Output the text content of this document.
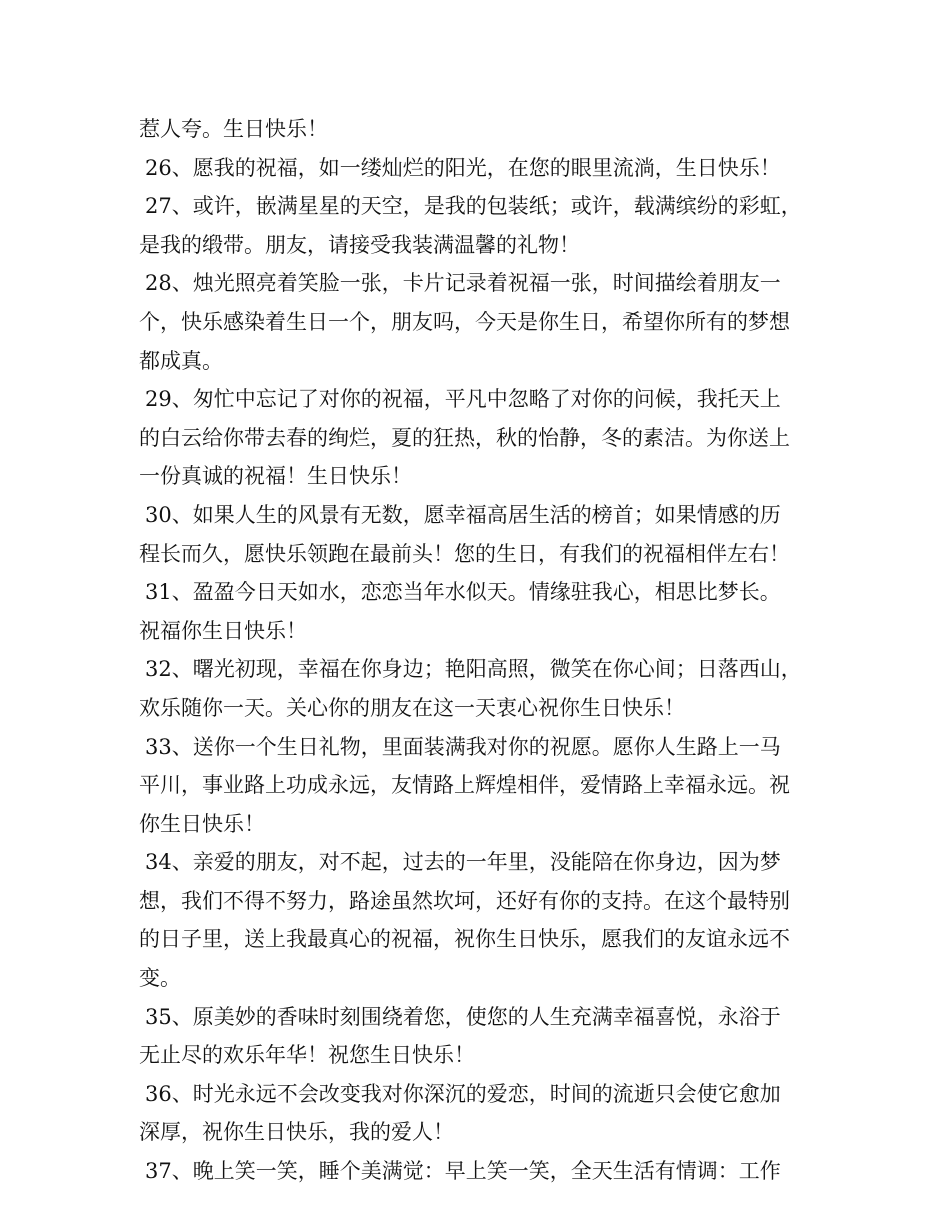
惹人夸。生日快乐！
26、愿我的祝福，如一缕灿烂的阳光，在您的眼里流淌，生日快乐！
27、或许，嵌满星星的天空，是我的包装纸；或许，载满缤纷的彩虹，
是我的缎带。朋友，请接受我装满温馨的礼物！
28、烛光照亮着笑脸一张，卡片记录着祝福一张，时间描绘着朋友一
个，快乐感染着生日一个，朋友吗，今天是你生日，希望你所有的梦想
都成真。
29、匆忙中忘记了对你的祝福，平凡中忽略了对你的问候，我托天上
的白云给你带去春的绚烂，夏的狂热，秋的怡静，冬的素洁。为你送上
一份真诚的祝福！生日快乐！
30、如果人生的风景有无数，愿幸福高居生活的榜首；如果情感的历
程长而久，愿快乐领跑在最前头！您的生日，有我们的祝福相伴左右！
31、盈盈今日天如水，恋恋当年水似天。情缘驻我心，相思比梦长。
祝福你生日快乐！
32、曙光初现，幸福在你身边；艳阳高照，微笑在你心间；日落西山，
欢乐随你一天。关心你的朋友在这一天衷心祝你生日快乐！
33、送你一个生日礼物，里面装满我对你的祝愿。愿你人生路上一马
平川，事业路上功成永远，友情路上辉煌相伴，爱情路上幸福永远。祝
你生日快乐！
34、亲爱的朋友，对不起，过去的一年里，没能陪在你身边，因为梦
想，我们不得不努力，路途虽然坎坷，还好有你的支持。在这个最特别
的日子里，送上我最真心的祝福，祝你生日快乐，愿我们的友谊永远不
变。
35、原美妙的香味时刻围绕着您，使您的人生充满幸福喜悦，永浴于
无止尽的欢乐年华！祝您生日快乐！
36、时光永远不会改变我对你深沉的爱恋，时间的流逝只会使它愈加
深厚，祝你生日快乐，我的爱人！
37、晚上笑一笑，睡个美满觉：早上笑一笑，全天生活有情调：工作
